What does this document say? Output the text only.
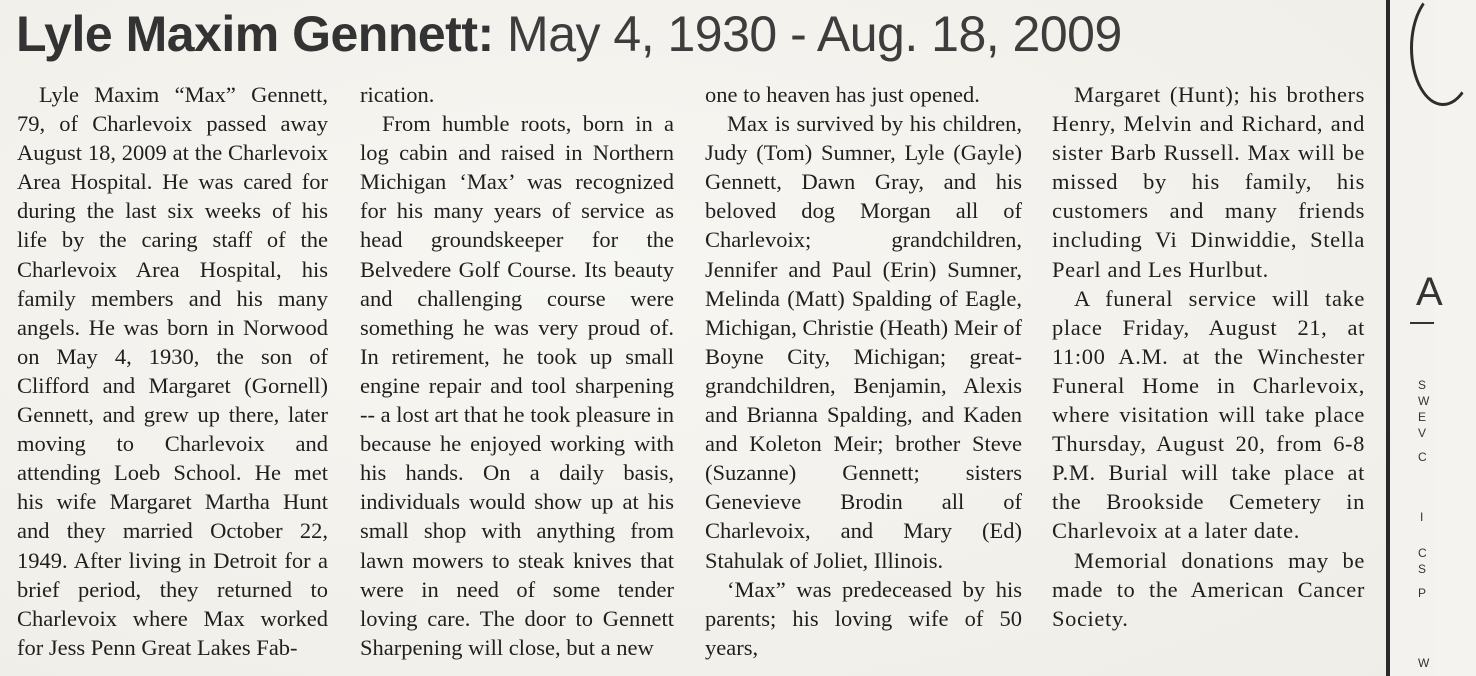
Lyle Maxim Gennett: May 4, 1930 - Aug. 18, 2009

Lyle Maxim “Max” Gennett, 79, of Charlevoix passed away August 18, 2009 at the Charlevoix Area Hospital. He was cared for during the last six weeks of his life by the caring staff of the Charlevoix Area Hospital, his family members and his many angels. He was born in Norwood on May 4, 1930, the son of Clifford and Margaret (Gornell) Gennett, and grew up there, later moving to Charlevoix and attending Loeb School. He met his wife Margaret Martha Hunt and they married October 22, 1949. After living in Detroit for a brief period, they returned to Charlevoix where Max worked for Jess Penn Great Lakes Fab-

rication.

From humble roots, born in a log cabin and raised in Northern Michigan ‘Max’ was recognized for his many years of service as head groundskeeper for the Belvedere Golf Course. Its beauty and challenging course were something he was very proud of. In retirement, he took up small engine repair and tool sharpening -- a lost art that he took pleasure in because he enjoyed working with his hands. On a daily basis, individuals would show up at his small shop with anything from lawn mowers to steak knives that were in need of some tender loving care. The door to Gennett Sharpening will close, but a new

one to heaven has just opened.

Max is survived by his children, Judy (Tom) Sumner, Lyle (Gayle) Gennett, Dawn Gray, and his beloved dog Morgan all of Charlevoix; grandchildren, Jennifer and Paul (Erin) Sumner, Melinda (Matt) Spalding of Eagle, Michigan, Christie (Heath) Meir of Boyne City, Michigan; great-grandchildren, Benjamin, Alexis and Brianna Spalding, and Kaden and Koleton Meir; brother Steve (Suzanne) Gennett; sisters Genevieve Brodin all of Charlevoix, and Mary (Ed) Stahulak of Joliet, Illinois.

‘Max” was predeceased by his parents; his loving wife of 50 years,

Margaret (Hunt); his brothers Henry, Melvin and Richard, and sister Barb Russell. Max will be missed by his family, his customers and many friends including Vi Dinwiddie, Stella Pearl and Les Hurlbut.

A funeral service will take place Friday, August 21, at 11:00 A.M. at the Winchester Funeral Home in Charlevoix, where visitation will take place Thursday, August 20, from 6-8 P.M. Burial will take place at the Brookside Cemetery in Charlevoix at a later date.

Memorial donations may be made to the American Cancer Society.

A
S
W
E
V
C
I
C
S
P
W
